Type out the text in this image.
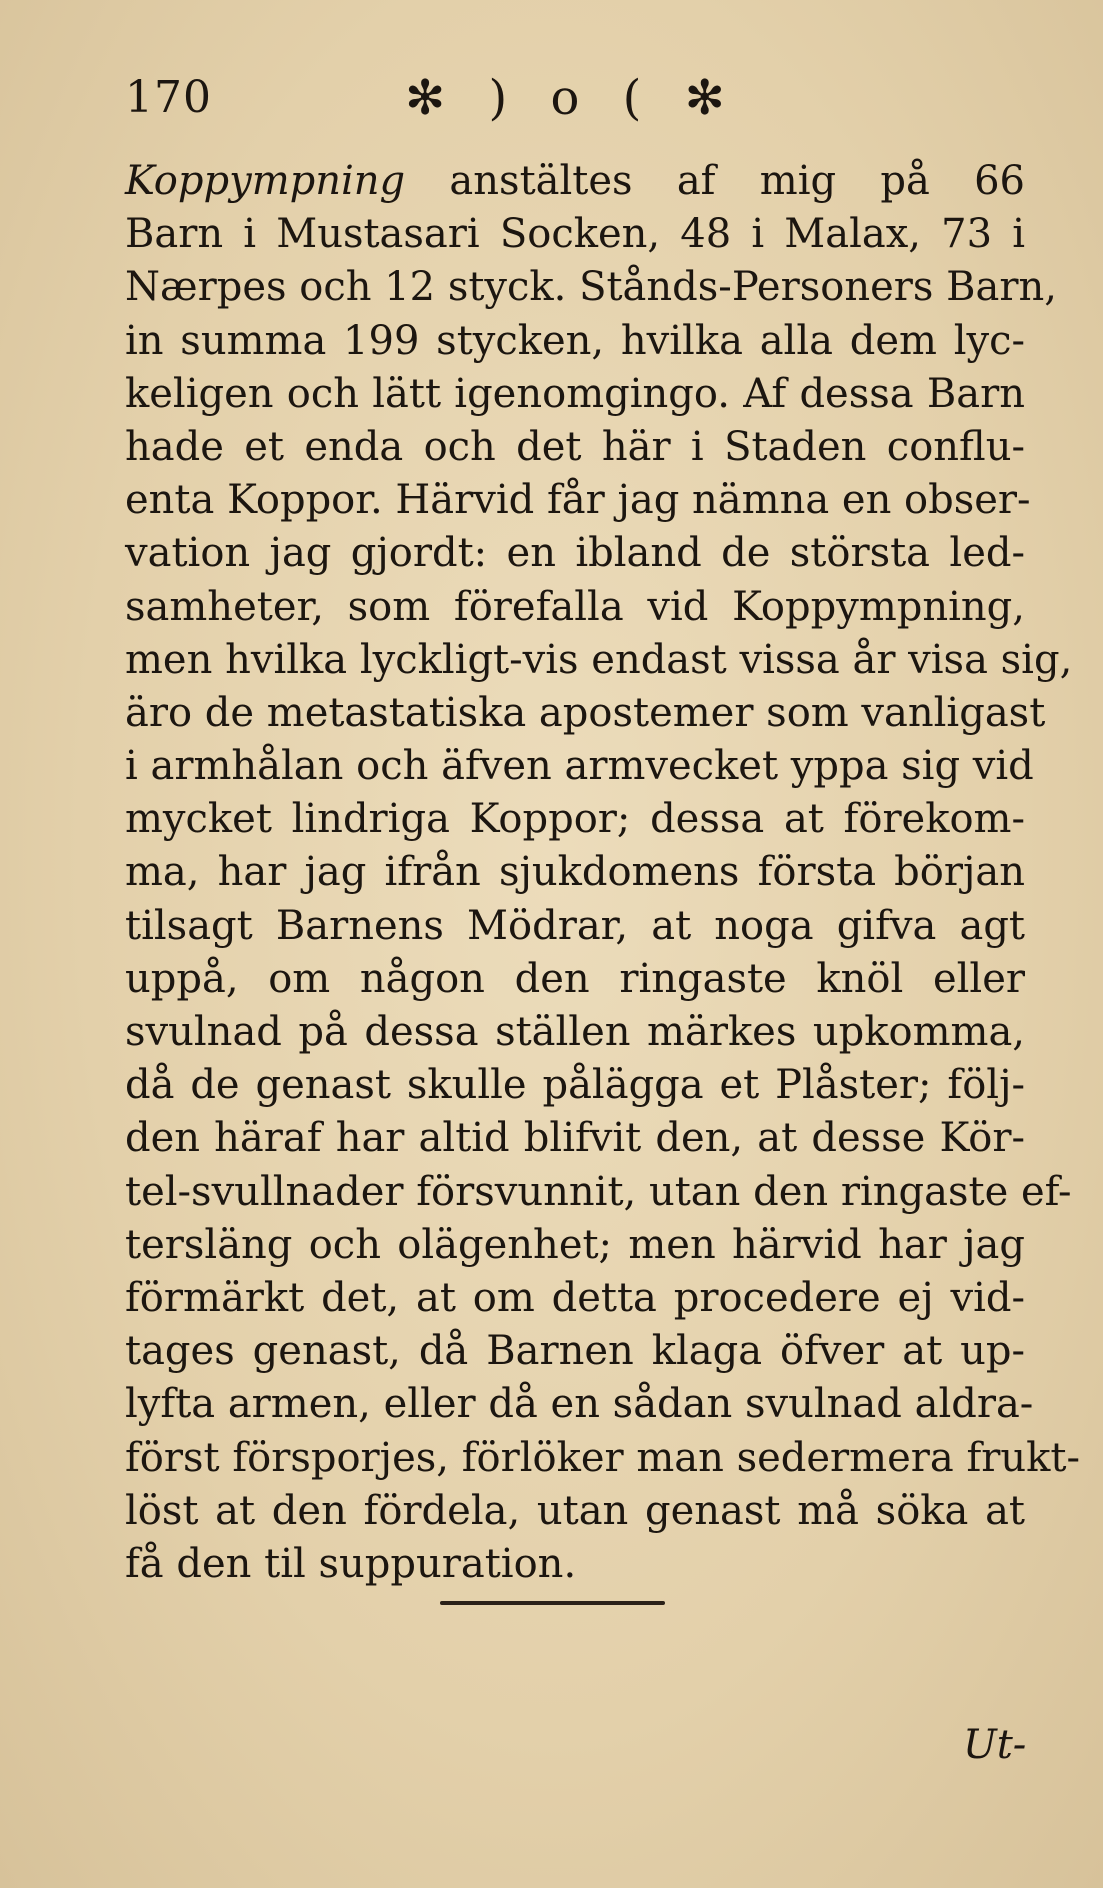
170	✻ ) o ( ✻
Koppympning anstältes af mig på 66
Barn i Mustasari Socken, 48 i Malax, 73 i
Nærpes och 12 styck. Stånds-Personers Barn,
in summa 199 stycken, hvilka alla dem lyc-
keligen och lätt igenomgingo. Af dessa Barn
hade et enda och det här i Staden conflu-
enta Koppor. Härvid får jag nämna en obser-
vation jag gjordt: en ibland de största led-
samheter, som förefalla vid Koppympning,
men hvilka lyckligt-vis endast vissa år visa sig,
äro de metastatiska apostemer som vanligast
i armhålan och äfven armvecket yppa sig vid
mycket lindriga Koppor; dessa at förekom-
ma, har jag ifrån sjukdomens första början
tilsagt Barnens Mödrar, at noga gifva agt
uppå, om någon den ringaste knöl eller
svulnad på dessa ställen märkes upkomma,
då de genast skulle pålägga et Plåster; följ-
den häraf har altid blifvit den, at desse Kör-
tel-svullnader försvunnit, utan den ringaste ef-
tersläng och olägenhet; men härvid har jag
förmärkt det, at om detta procedere ej vid-
tages genast, då Barnen klaga öfver at up-
lyfta armen, eller då en sådan svulnad aldra-
först försporjes, förlöker man sedermera frukt-
löst at den fördela, utan genast må söka at
få den til suppuration.
Ut-
